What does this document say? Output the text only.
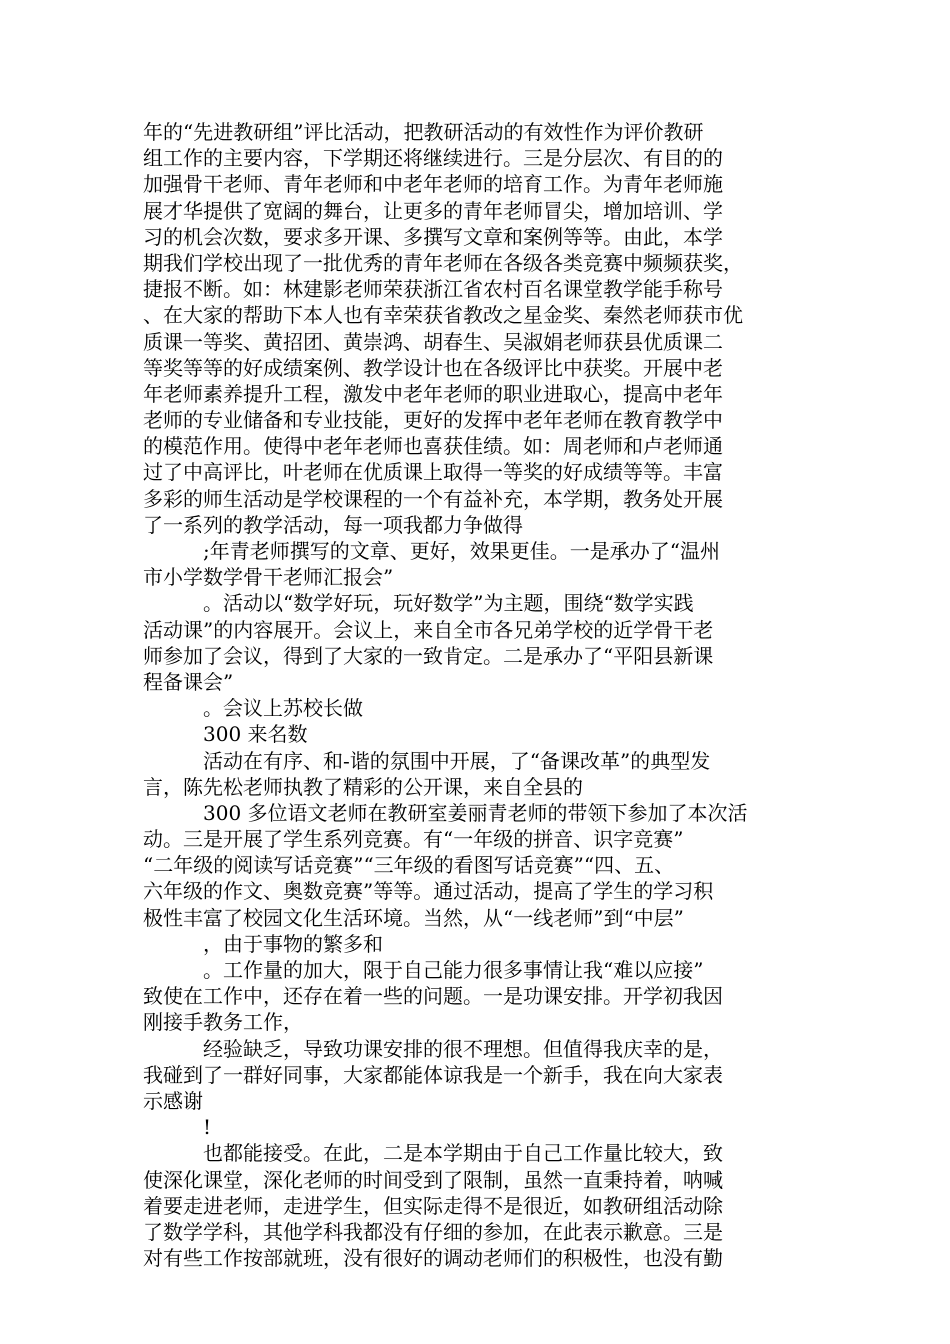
年的“先进教研组”评比活动，把教研活动的有效性作为评价教研
组工作的主要内容，下学期还将继续进行。三是分层次、有目的的
加强骨干老师、青年老师和中老年老师的培育工作。为青年老师施
展才华提供了宽阔的舞台，让更多的青年老师冒尖，增加培训、学
习的机会次数，要求多开课、多撰写文章和案例等等。由此，本学
期我们学校出现了一批优秀的青年老师在各级各类竞赛中频频获奖，
捷报不断。如：林建影老师荣获浙江省农村百名课堂教学能手称号
、在大家的帮助下本人也有幸荣获省教改之星金奖、秦然老师获市优
质课一等奖、黄招团、黄崇鸿、胡春生、吴淑娟老师获县优质课二
等奖等等的好成绩案例、教学设计也在各级评比中获奖。开展中老
年老师素养提升工程，激发中老年老师的职业进取心，提高中老年
老师的专业储备和专业技能，更好的发挥中老年老师在教育教学中
的模范作用。使得中老年老师也喜获佳绩。如：周老师和卢老师通
过了中高评比，叶老师在优质课上取得一等奖的好成绩等等。丰富
多彩的师生活动是学校课程的一个有益补充，本学期，教务处开展
了一系列的教学活动，每一项我都力争做得
;年青老师撰写的文章、更好，效果更佳。一是承办了“温州
市小学数学骨干老师汇报会”
。活动以“数学好玩，玩好数学”为主题，围绕“数学实践
活动课”的内容展开。会议上，来自全市各兄弟学校的近学骨干老
师参加了会议，得到了大家的一致肯定。二是承办了“平阳县新课
程备课会”
。会议上苏校长做
300 来名数
活动在有序、和-谐的氛围中开展，了“备课改革”的典型发
言，陈先松老师执教了精彩的公开课，来自全县的
300 多位语文老师在教研室姜丽青老师的带领下参加了本次活
动。三是开展了学生系列竞赛。有“一年级的拼音、识字竞赛”
“二年级的阅读写话竞赛”“三年级的看图写话竞赛”“四、五、
六年级的作文、奥数竞赛”等等。通过活动，提高了学生的学习积
极性丰富了校园文化生活环境。当然，从“一线老师”到“中层”
，由于事物的繁多和
。工作量的加大，限于自己能力很多事情让我“难以应接”
致使在工作中，还存在着一些的问题。一是功课安排。开学初我因
刚接手教务工作，
经验缺乏，导致功课安排的很不理想。但值得我庆幸的是，
我碰到了一群好同事，大家都能体谅我是一个新手，我在向大家表
示感谢
!
也都能接受。在此，二是本学期由于自己工作量比较大，致
使深化课堂，深化老师的时间受到了限制，虽然一直秉持着，呐喊
着要走进老师，走进学生，但实际走得不是很近，如教研组活动除
了数学学科，其他学科我都没有仔细的参加，在此表示歉意。三是
对有些工作按部就班，没有很好的调动老师们的积极性，也没有勤
